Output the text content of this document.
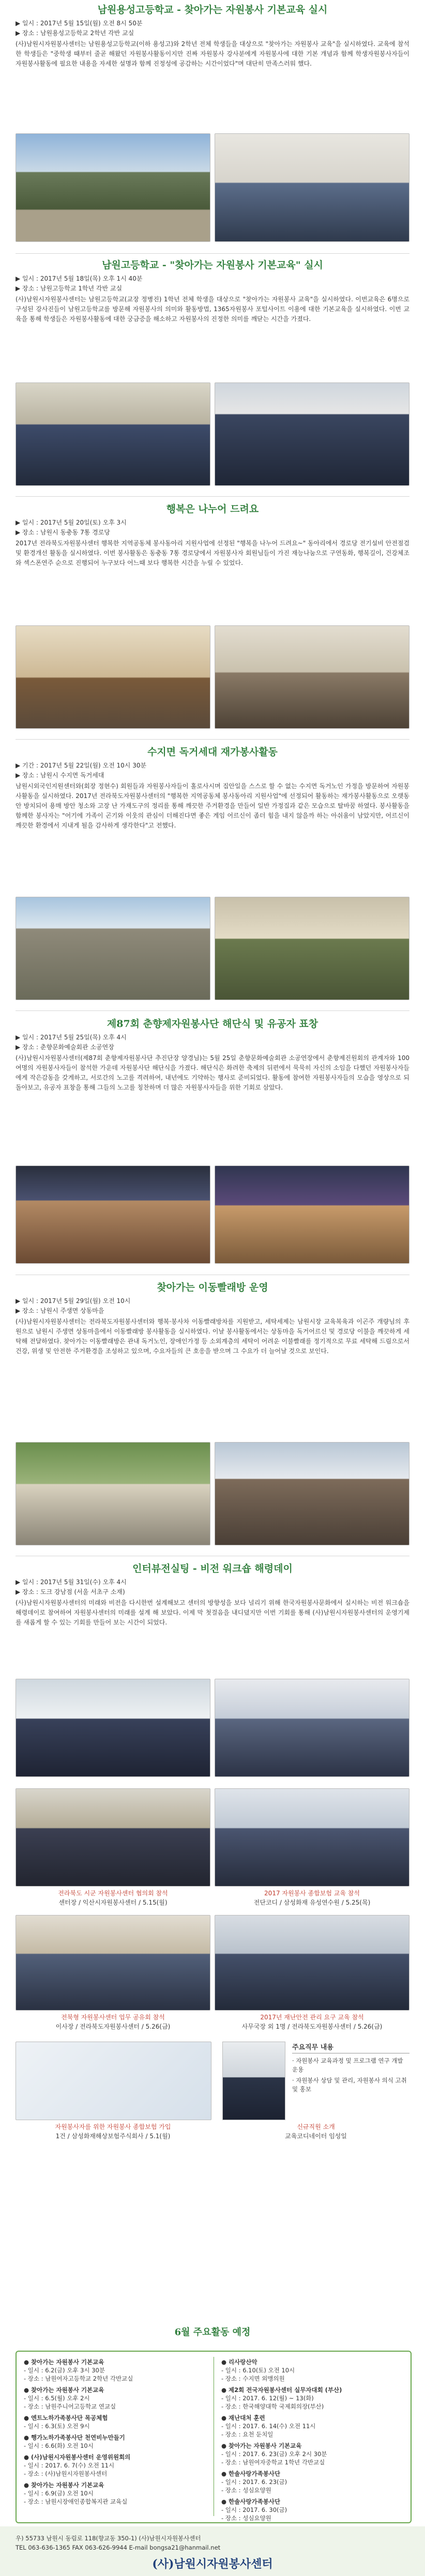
남원용성고등학교 - 찾아가는 자원봉사 기본교육 실시
▶ 일시 : 2017년 5월 15일(월) 오전 8시 50분
▶ 장소 : 남원용성고등학교 2학년 각반 교실
(사)남원시자원봉사센터는 남원용성고등학교(이하 용성고)와 2학년 전체 학생들을 대상으로 "찾아가는 자원봉사 교육"을 실시하였다. 교육에 참석한 학생들은 "중학생 때부터 줄곧 해왔던 자원봉사활동이지만 진짜 자원봉사 강사분에게 자원봉사에 대한 기본 개념과 함께 학생자원봉사자들이 자원봉사활동에 필요한 내용을 자세한 설명과 함께 진정성에 공감하는 시간이었다"며 대단히 만족스러워 했다.
남원고등학교 - "찾아가는 자원봉사 기본교육" 실시
▶ 일시 : 2017년 5월 18일(목) 오후 1시 40분
▶ 장소 : 남원고등학교 1학년 각반 교실
(사)남원시자원봉사센터는 남원고등학교(교장 정병진) 1학년 전체 학생을 대상으로 "찾아가는 자원봉사 교육"을 실시하였다. 이번교육은 6명으로 구성된 강사진들이 남원고등학교를 방문해 자원봉사의 의미와 활동방법, 1365자원봉사 포털사이트 이용에 대한 기본교육을 실시하였다. 이번 교육을 통해 학생들은 자원봉사활동에 대한 궁금증을 해소하고 자원봉사의 진정한 의미를 깨닫는 시간을 가졌다.
행복은 나누어 드려요
▶ 일시 : 2017년 5월 20일(토) 오후 3시
▶ 장소 : 남원시 동충동 7통 경로당
2017년 전라북도자원봉사센터 행복한 지역공동체 봉사동아리 지원사업에 선정된 "행복을 나누어 드려요~" 동아리에서 경로당 전기설비 안전점검 및 환경개선 활동을 실시하였다. 이번 봉사활동은 동충동 7통 경로당에서 자원봉사자 회원님들이 가진 재능나눔으로 구연동화, 행복길이, 건강체조와 섹스폰연주 순으로 진행되어 누구보다 어느때 보다 행복한 시간을 누릴 수 있었다.
수지면 독거세대 재가봉사활동
▶ 기간 : 2017년 5월 22일(월) 오전 10시 30분
▶ 장소 : 남원시 수지면 독거세대
남원시외국인지원센터와(회장 정현수) 회원들과 자원봉사자들이 홀로사시며 집안일을 스스로 할 수 없는 수지면 독거노인 가정을 방문하여 자원봉사활동을 실시하였다. 2017년 전라북도자원봉사센터의 "행복한 지역공동체 봉사동아리 지원사업"에 선정되어 활동하는 재가봉사활동으로 오랫동안 방치되어 용매 방안 청소와 고장 난 가재도구의 정리를 통해 깨끗한 주거환경을 만들어 일반 가정집과 같은 모습으로 탈바꿈 하였다. 봉사활동을 함께한 봉사자는 "어기에 가족이 곤기와 이웃의 관심이 더해진다면 좋은 게임 어르신이 좀더 힘을 내지 않을까 하는 아쉬움이 남았지만, 어르신이 깨끗한 환경에서 지내게 될을 감사하게 생각한다"고 전했다.
제87회 춘향제자원봉사단 해단식 및 유공자 표창
▶ 일시 : 2017년 5월 25일(목) 오후 4시
▶ 장소 : 춘향문화예술회관 소공연장
(사)남원시자원봉사센터(제87회 춘향제자원봉사단 추진단장 양경님)는 5월 25일 춘향문화예술회관 소공연장에서 춘향제진원회의 관계자와 100여명의 자원봉사자들이 참석한 가운데 자원봉사단 해단식을 가졌다. 해단식은 화려한 축제의 뒤편에서 묵묵히 자신의 소임을 다했던 자원봉사자들에게 작은감동을 갖게하고, 서로간의 노고를 격려하여, 내년에도 기약하는 행사로 준비되었다. 활동에 참여한 자원봉사자들의 모습을 영상으로 되돌아보고, 유공자 표창을 통해 그들의 노고를 칭찬하며 더 많은 자원봉사자들을 위한 기회로 삼았다.
찾아가는 이동빨래방 운영
▶ 일시 : 2017년 5월 29일(월) 오전 10시
▶ 장소 : 남원시 주생면 상동마을
(사)남원시자원봉사센터는 전라북도자원봉사센터와 행복·봉사차 이동빨래방차를 지원받고, 세탁세제는 남원시장 교육복육과 이곤주 개량님의 후원으로 남원시 주생면 상동마을에서 이동빨래방 봉사활동을 실시하였다. 이날 봉사활동에서는 상동마을 독거어르신 및 경로당 이불을 깨끗하게 세탁해 전달하였다. 찾아가는 이동빨래방은 관내 독거노인, 장애인가정 등 소외계층의 세탁이 어려운 이불빨래를 정기적으로 무료 세탁해 드림으로서 건강, 위생 및 안전한 주거환경을 조성하고 있으며, 수요자들의 큰 호응을 받으며 그 수요가 더 늘어날 것으로 보인다.
인터뷰전실팅 - 비전 워크숍 해령데이
▶ 일시 : 2017년 5월 31일(수) 오후 4시
▶ 장소 : 도크 강남점 (서울 서초구 소재)
(사)남원시자원봉사센터의 미래와 비전을 다시한번 설계해보고 센터의 방향성을 보다 널리기 위해 한국자원봉사문화에서 실시하는 비전 워크숍을 해령데이로 참여하여 자원봉사센터의 미래를 설계 해 보았다. 이제 막 첫걸음을 내디뎠지만 이번 기회를 통해 (사)남원시자원봉사센터의 운영기제를 새롭게 할 수 있는 기회를 만들어 보는 시간이 되었다.
전라북도 시군 자원봉사센터 협의회 참석
센터장 / 익산시자원봉사센터 / 5.15(월)
2017 자원봉사 종합보험 교육 참석
전단코디 / 삼성화재 유성연수원 / 5.25(목)
전북형 자원봉사센터 업무 공유회 참석
이사장 / 전라북도자원봉사센터 / 5.26(금)
2017년 재난안전 관리 요구 교육 참석
사무국장 외 1명 / 전라북도자원봉사센터 / 5.26(금)
자원봉사자를 위한 자원봉사 종합보험 가입
1건 / 삼성화재해상보험주식회사 / 5.1(월)
주요직무 내용
· 자원봉사 교육과정 및 프로그램 연구 개발 운용
· 자원봉사 상담 및 관리, 자원봉사 의식 고취 및 홍보
신규직원 소개
교육코디네이터 임성일
6월 주요활동 예정
● 찾아가는 자원봉사 기본교육
- 일시 : 6.2(금) 오후 3시 30분
- 장소 : 남원여자고등학교 2학년 각반교실
● 찾아가는 자원봉사 기본교육
- 일시 : 6.5(월) 오후 2시
- 장소 : 남원주니어고등학교 연교실
● 엔트노하가족봉사단 목공체험
- 일시 : 6.3(토) 오전 9시
● 행가노하가족봉사단 천연비누만들기
- 일시 : 6.6(화) 오전 10시
● (사)남원시자원봉사센터 운영위원회의
- 일시 : 2017. 6. 7(수) 오전 11시
- 장소 : (사)남원시자원봉사센터
● 찾아가는 자원봉사 기본교육
- 일시 : 6.9(금) 오전 10시
- 장소 : 남원시장애인종합복지관 교육실
● 리사랑산악
- 일시 : 6.10(토) 오전 10시
- 장소 : 수지면 외맹의원
● 제2회 전국자원봉사센터 실무자대회 (부산)
- 일시 : 2017. 6. 12(월) ~ 13(화)
- 장소 : 한국해양대학 국제회의장(부산)
● 재난대처 훈련
- 일시 : 2017. 6. 14(수) 오전 11시
- 장소 : 요천 둔치일
● 찾아가는 자원봉사 기본교육
- 일시 : 2017. 6. 23(금) 오후 2시 30분
- 장소 : 남원여자중학교 1학년 각반교실
● 한솔사랑가족봉사단
- 일시 : 2017. 6. 23(금)
- 장소 : 성심요양원
● 한솔사랑가족봉사단
- 일시 : 2017. 6. 30(금)
- 장소 : 성심요양원
우) 55733 남원시 동림로 118(향교동 350-1) (사)남원시자원봉사센터
TEL 063-636-1365 FAX 063-626-9944 E-mail bongsa21@hanmail.net
(사)남원시자원봉사센터
